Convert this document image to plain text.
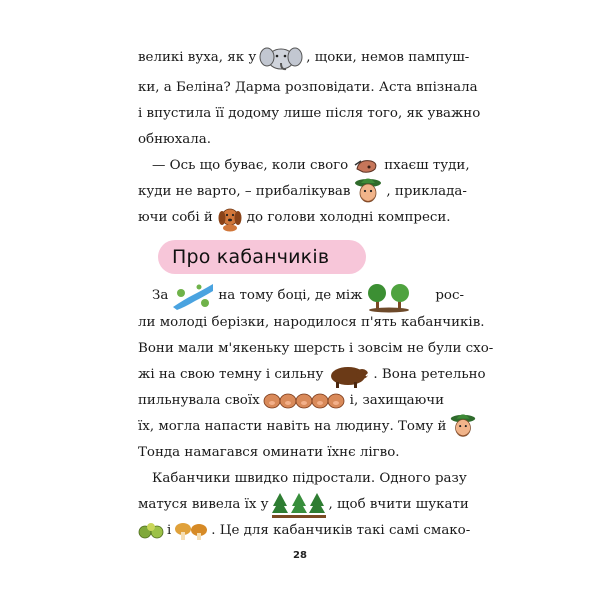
великі вуха, як у	, щоки, немов пампуш-
ки, а Беліна? Дарма розповідати. Аста впізнала
і впустила її додому лише після того, як уважно
обнюхала.
— Ось що буває, коли свого	пхаєш туди,
куди не варто, – прибалікував	, приклада-
ючи собі й	до голови холодні компреси.
Про кабанчиків
За	на тому боці, де між	рос-
ли молоді берізки, народилося п'ять кабанчиків.
Вони мали м'якеньку шерсть і зовсім не були схо-
жі на свою темну і сильну	. Вона ретельно
пильнувала своїх	і, захищаючи
їх, могла напасти навіть на людину. Тому й
Тонда намагався оминати їхнє лігво.
Кабанчики швидко підростали. Одного разу
матуся вивела їх у	, щоб вчити шукати
і	. Це для кабанчиків такі самі смако-
28
